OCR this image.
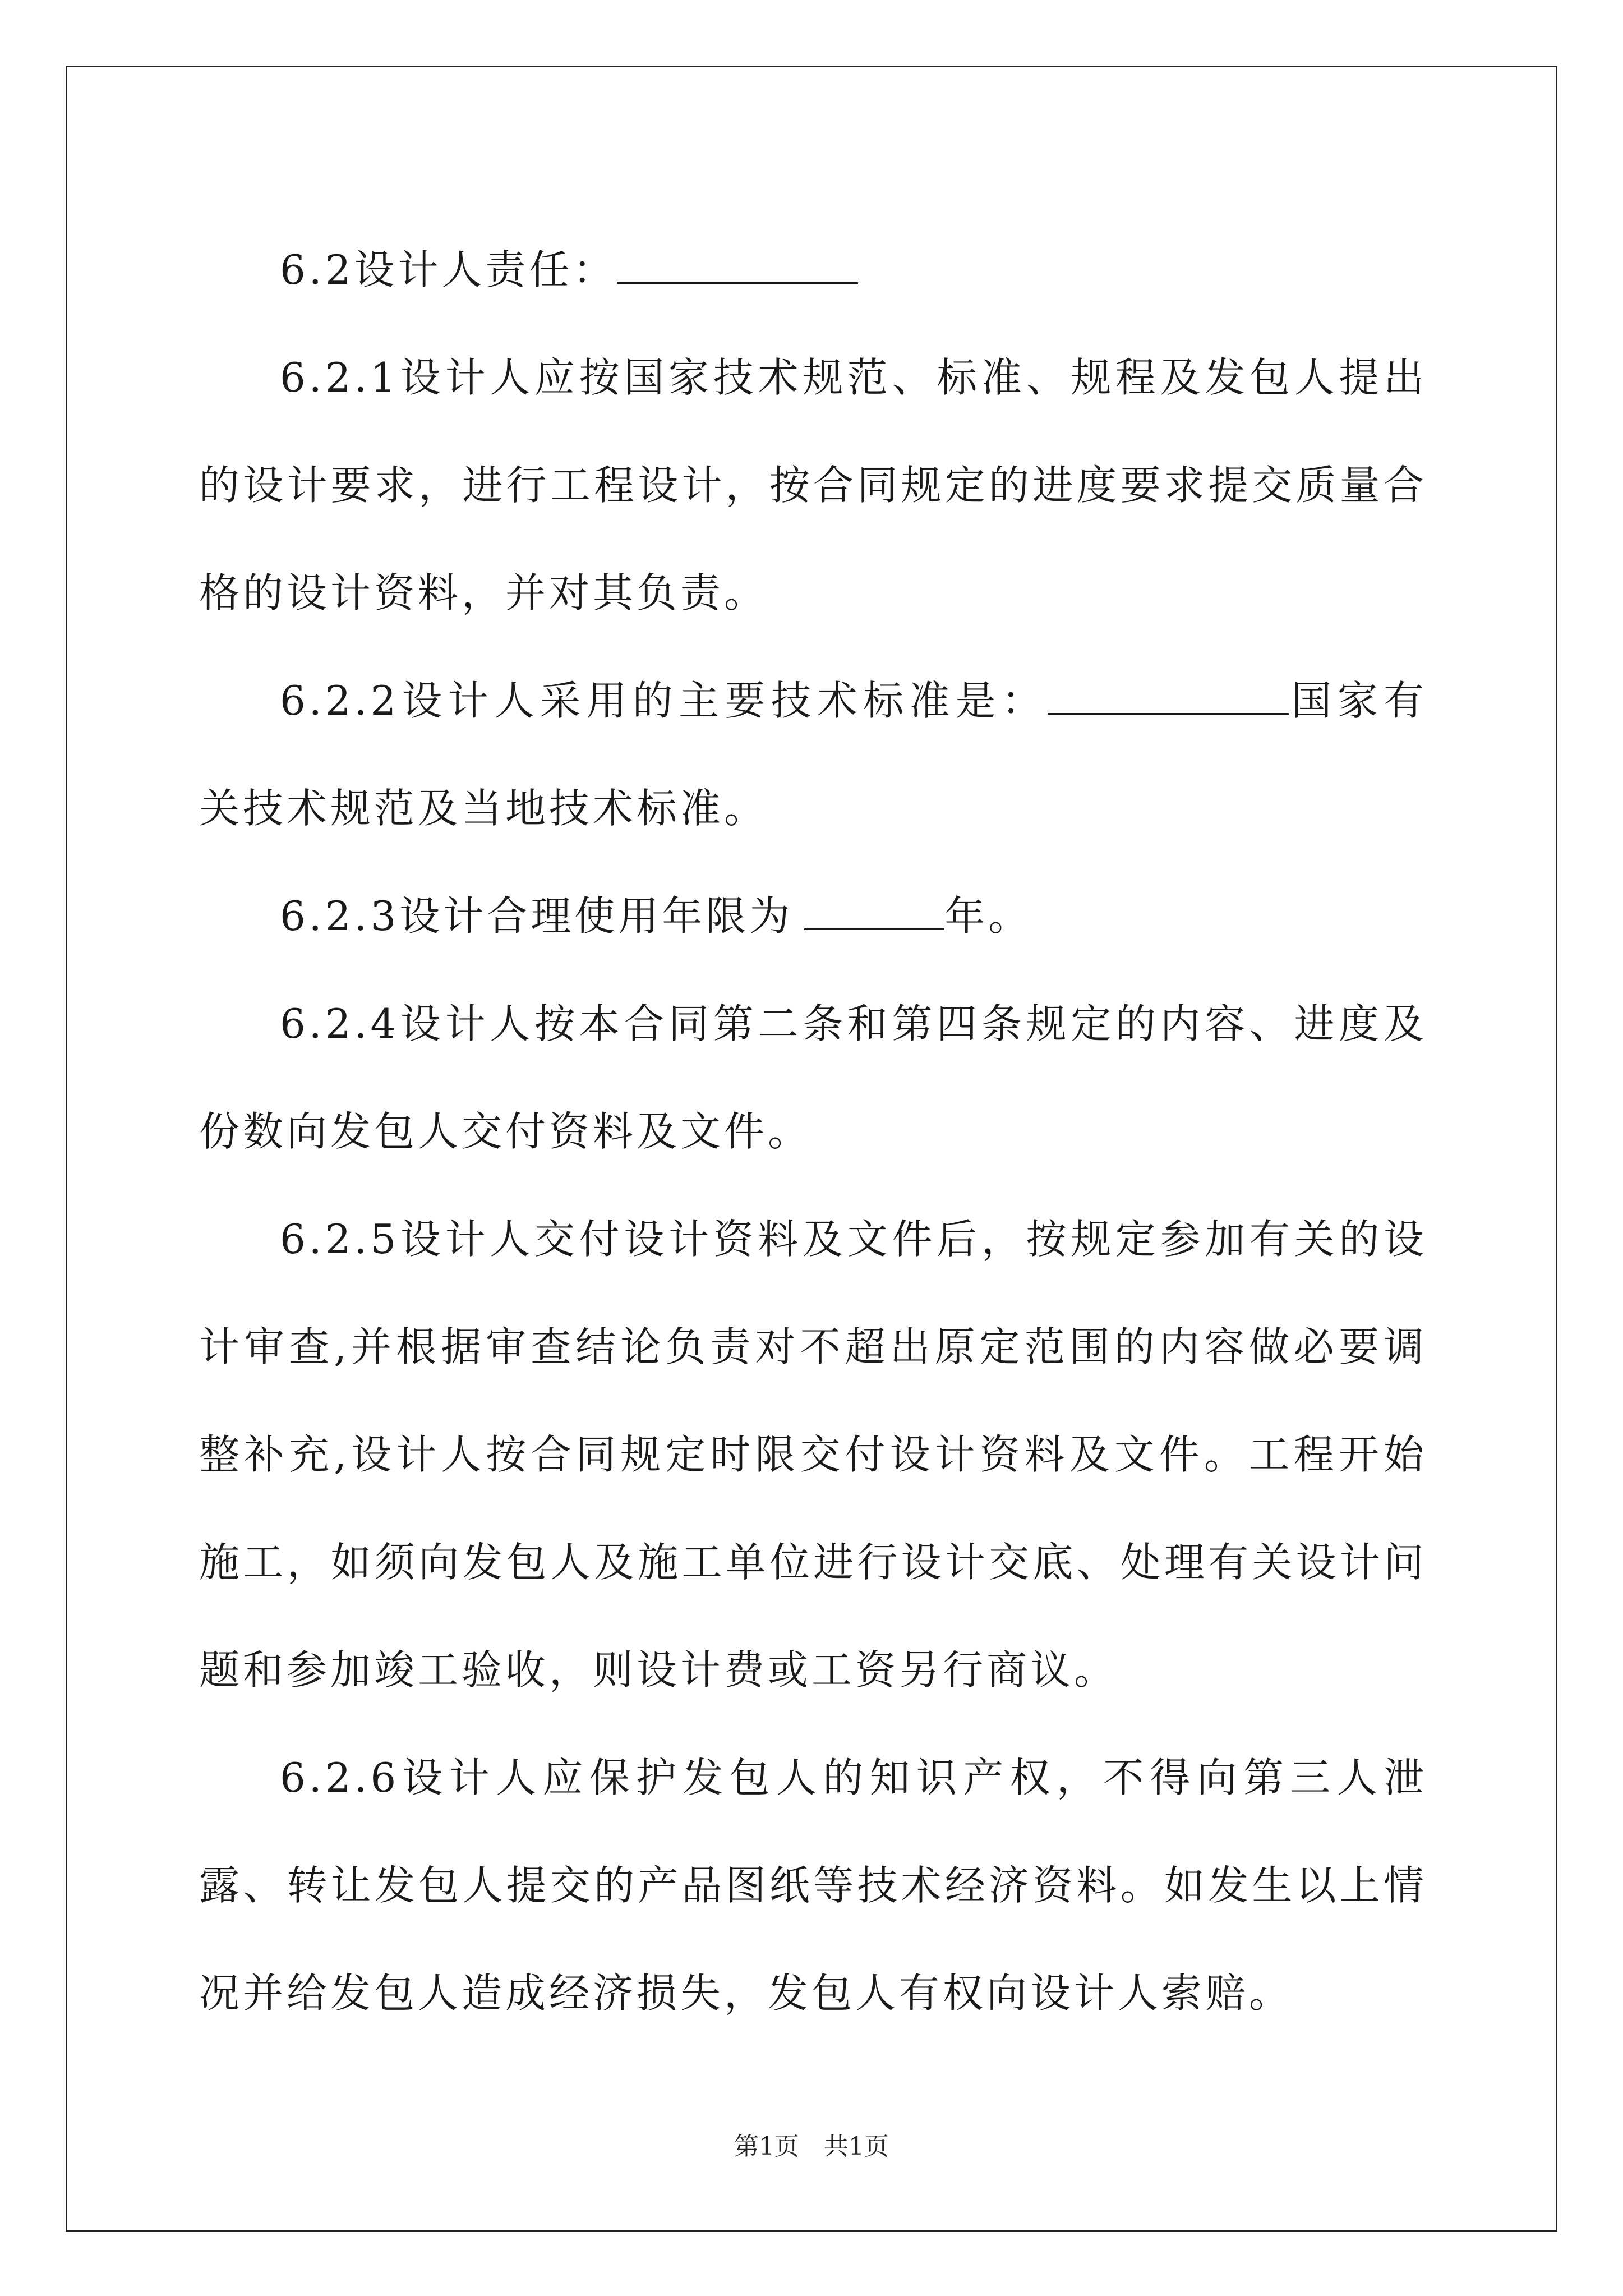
6.2设计人责任：

6.2.1设计人应按国家技术规范、标准、规程及发包人提出的设计要求，进行工程设计，按合同规定的进度要求提交质量合格的设计资料，并对其负责。

6.2.2设计人采用的主要技术标准是：	国家有关技术规范及当地技术标准。

6.2.3设计合理使用年限为	年。

6.2.4设计人按本合同第二条和第四条规定的内容、进度及份数向发包人交付资料及文件。

6.2.5设计人交付设计资料及文件后，按规定参加有关的设计审查,并根据审查结论负责对不超出原定范围的内容做必要调整补充,设计人按合同规定时限交付设计资料及文件。工程开始施工，如须向发包人及施工单位进行设计交底、处理有关设计问题和参加竣工验收，则设计费或工资另行商议。

6.2.6设计人应保护发包人的知识产权，不得向第三人泄露、转让发包人提交的产品图纸等技术经济资料。如发生以上情况并给发包人造成经济损失，发包人有权向设计人索赔。

第1页　共1页
